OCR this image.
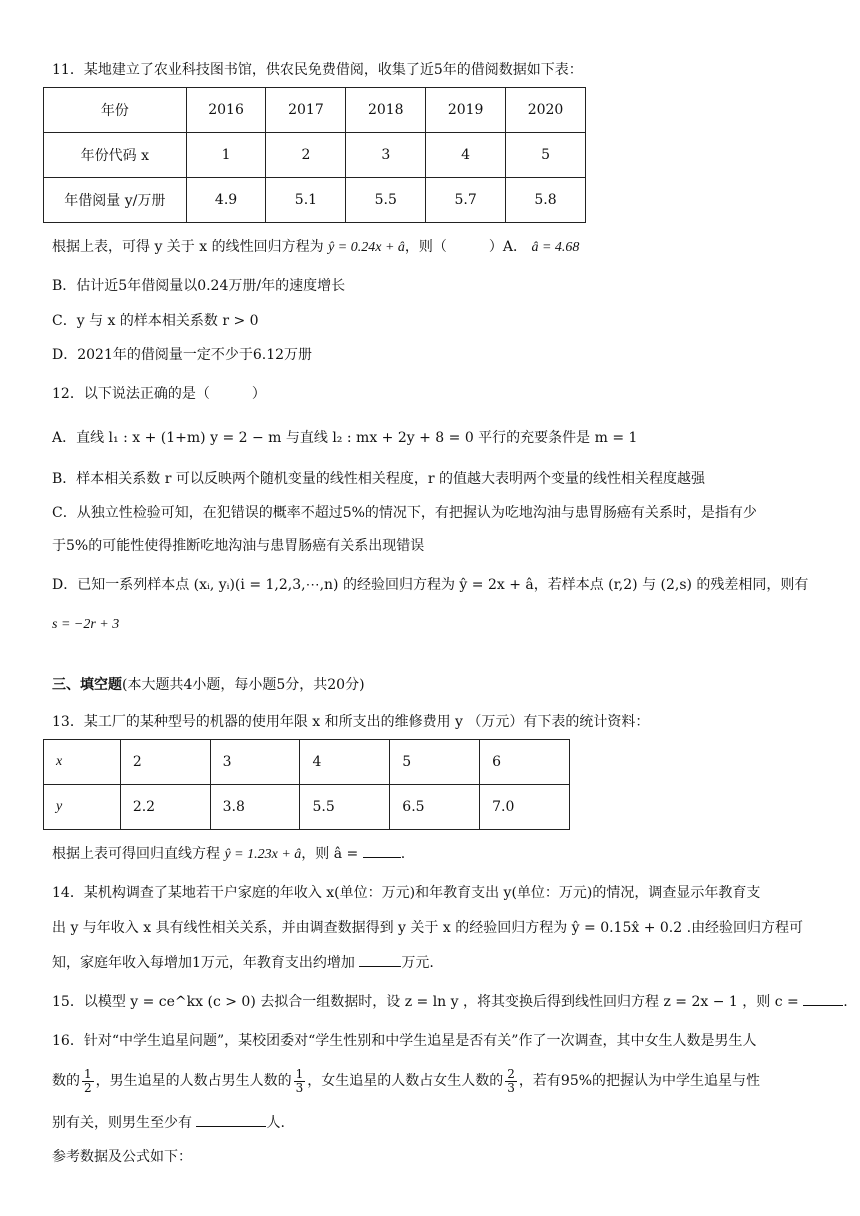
11．某地建立了农业科技图书馆，供农民免费借阅，收集了近5年的借阅数据如下表：
年份	2016	2017	2018	2019	2020
年份代码 x	1	2	3	4	5
年借阅量 y/万册	4.9	5.1	5.5	5.7	5.8
根据上表，可得 y 关于 x 的线性回归方程为 ŷ = 0.24x + â，则（　　　）A． â = 4.68
B．估计近5年借阅量以0.24万册/年的速度增长
C．y 与 x 的样本相关系数 r > 0
D．2021年的借阅量一定不少于6.12万册
12．以下说法正确的是（　　　）
A．直线 l₁ : x + (1+m) y = 2 − m 与直线 l₂ : mx + 2y + 8 = 0 平行的充要条件是 m = 1
B．样本相关系数 r 可以反映两个随机变量的线性相关程度，r 的值越大表明两个变量的线性相关程度越强
C．从独立性检验可知，在犯错误的概率不超过5%的情况下，有把握认为吃地沟油与患胃肠癌有关系时，是指有少
于5%的可能性使得推断吃地沟油与患胃肠癌有关系出现错误
D．已知一系列样本点 (xᵢ, yᵢ)(i = 1,2,3,⋯,n) 的经验回归方程为 ŷ = 2x + â，若样本点 (r,2) 与 (2,s) 的残差相同，则有
s = −2r + 3
三、填空题(本大题共4小题，每小题5分，共20分)
13．某工厂的某种型号的机器的使用年限 x 和所支出的维修费用 y （万元）有下表的统计资料：
x	2	3	4	5	6
y	2.2	3.8	5.5	6.5	7.0
根据上表可得回归直线方程 ŷ = 1.23x + â，则 â =	.
14．某机构调查了某地若干户家庭的年收入 x(单位：万元)和年教育支出 y(单位：万元)的情况，调查显示年教育支
出 y 与年收入 x 具有线性相关关系，并由调查数据得到 y 关于 x 的经验回归方程为 ŷ = 0.15x̂ + 0.2 .由经验回归方程可
知，家庭年收入每增加1万元，年教育支出约增加	万元.
15．以模型 y = ce^kx (c > 0) 去拟合一组数据时，设 z = ln y ，将其变换后得到线性回归方程 z = 2x − 1 ，则 c =	.
16．针对“中学生追星问题”，某校团委对“学生性别和中学生追星是否有关”作了一次调查，其中女生人数是男生人
数的 $\frac{1}{2}$ ，男生追星的人数占男生人数的 $\frac{1}{3}$ ，女生追星的人数占女生人数的 $\frac{2}{3}$ ，若有95%的把握认为中学生追星与性
别有关，则男生至少有	人.
参考数据及公式如下：
